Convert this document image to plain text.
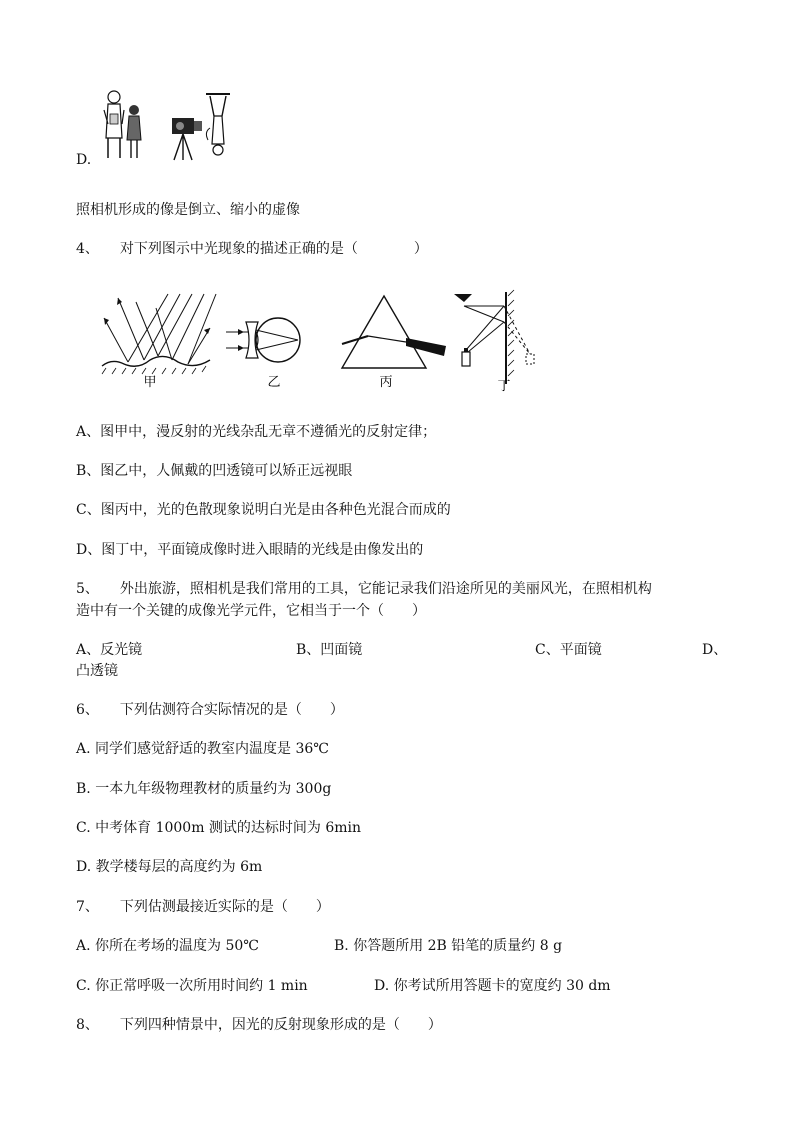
D.
照相机形成的像是倒立、缩小的虚像
4、 对下列图示中光现象的描述正确的是（　　　　）
甲	乙	丙	丁
A、图甲中，漫反射的光线杂乱无章不遵循光的反射定律；
B、图乙中，人佩戴的凹透镜可以矫正远视眼
C、图丙中，光的色散现象说明白光是由各种色光混合而成的
D、图丁中，平面镜成像时进入眼睛的光线是由像发出的
5、 外出旅游，照相机是我们常用的工具，它能记录我们沿途所见的美丽风光，在照相机构
造中有一个关键的成像光学元件，它相当于一个（　　）
A、反光镜	B、凹面镜	C、平面镜	D、
凸透镜
6、 下列估测符合实际情况的是（　　）
A. 同学们感觉舒适的教室内温度是 36℃
B. 一本九年级物理教材的质量约为 300g
C. 中考体育 1000m 测试的达标时间为 6min
D. 教学楼每层的高度约为 6m
7、 下列估测最接近实际的是（　　）
A. 你所在考场的温度为 50℃	B. 你答题所用 2B 铅笔的质量约 8 g
C. 你正常呼吸一次所用时间约 1 min	D. 你考试所用答题卡的宽度约 30 dm
8、 下列四种情景中，因光的反射现象形成的是（　　）
